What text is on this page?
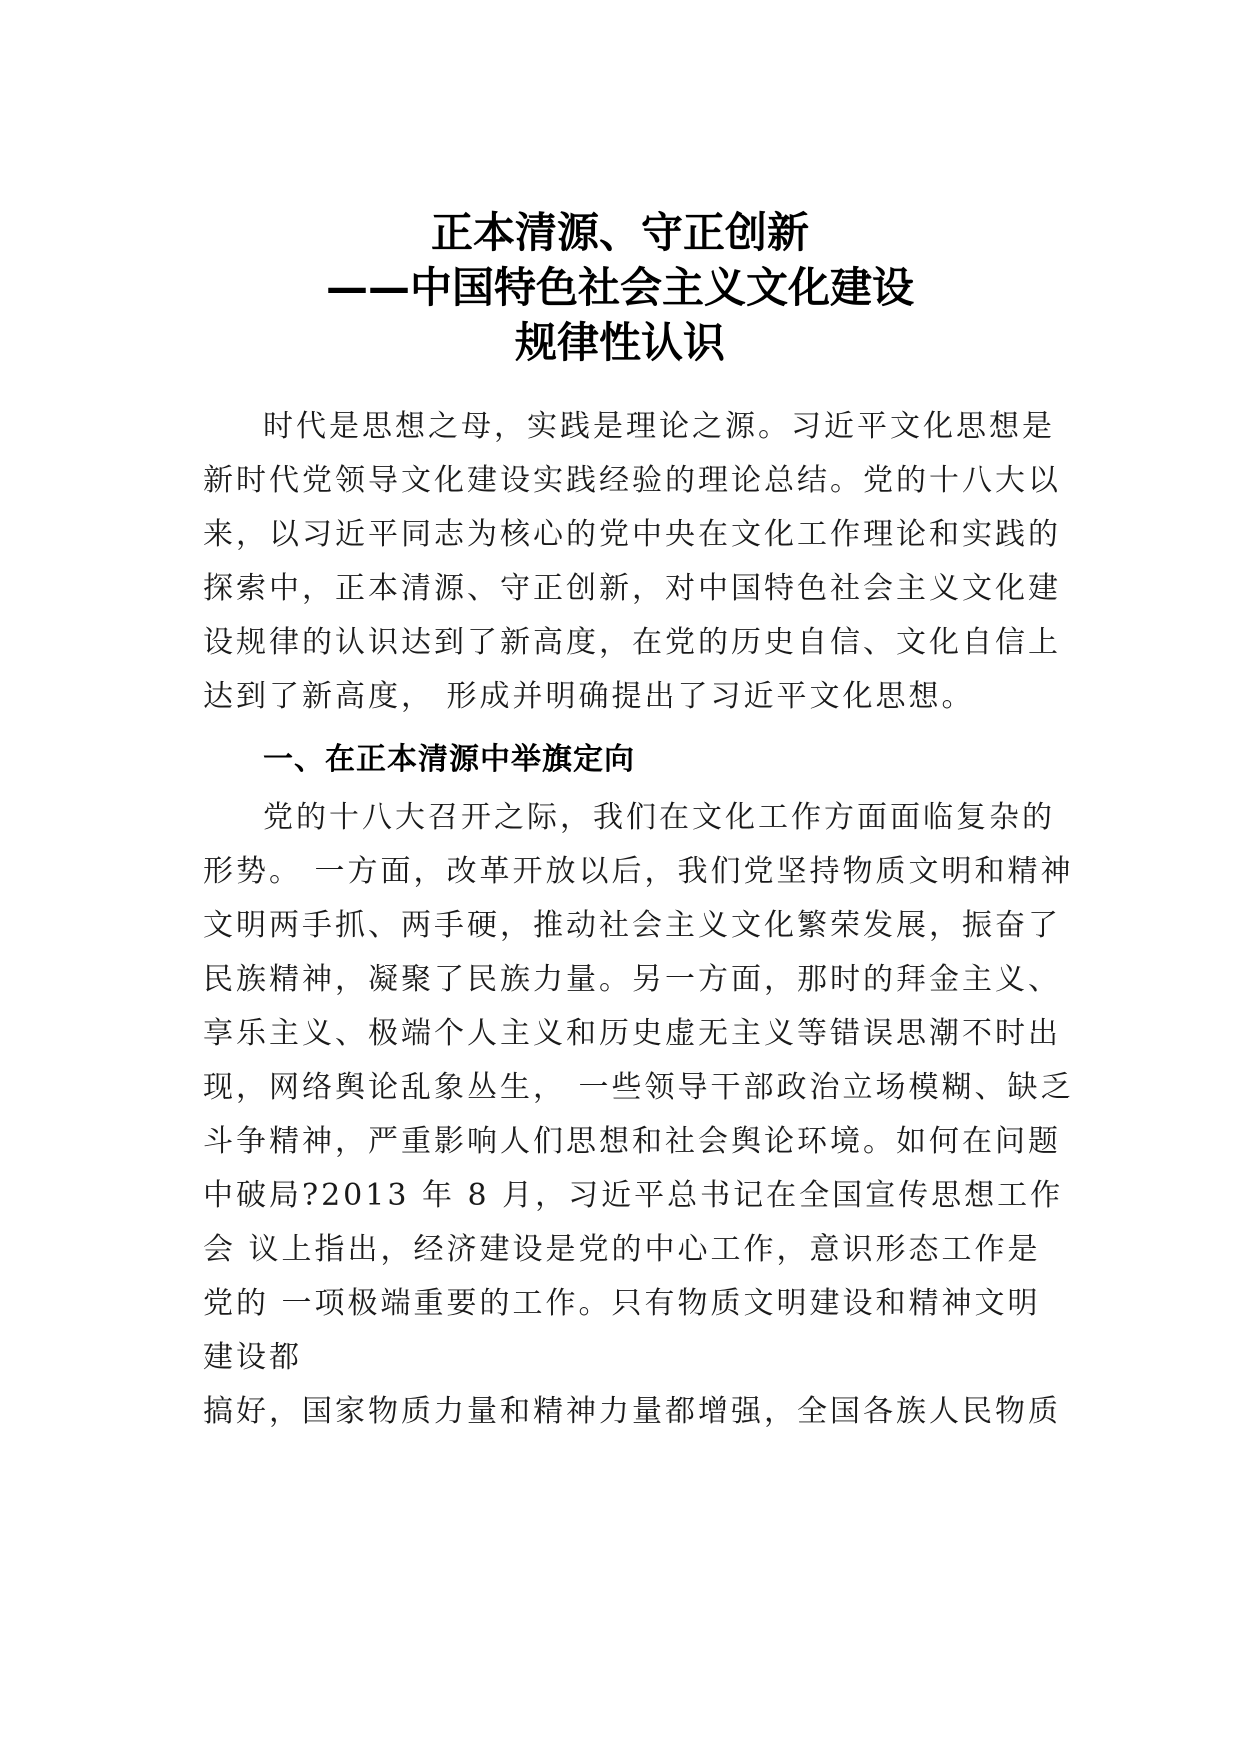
正本清源、守正创新
——中国特色社会主义文化建设
规律性认识
时代是思想之母，实践是理论之源。习近平文化思想是
新时代党领导文化建设实践经验的理论总结。党的十八大以
来，以习近平同志为核心的党中央在文化工作理论和实践的
探索中，正本清源、守正创新，对中国特色社会主义文化建
设规律的认识达到了新高度，在党的历史自信、文化自信上
达到了新高度， 形成并明确提出了习近平文化思想。
一、在正本清源中举旗定向
党的十八大召开之际，我们在文化工作方面面临复杂的
形势。 一方面，改革开放以后，我们党坚持物质文明和精神
文明两手抓、两手硬，推动社会主义文化繁荣发展，振奋了
民族精神，凝聚了民族力量。另一方面，那时的拜金主义、
享乐主义、极端个人主义和历史虚无主义等错误思潮不时出
现，网络舆论乱象丛生， 一些领导干部政治立场模糊、缺乏
斗争精神，严重影响人们思想和社会舆论环境。如何在问题
中破局?2013 年 8 月，习近平总书记在全国宣传思想工作
会 议上指出，经济建设是党的中心工作，意识形态工作是
党的 一项极端重要的工作。只有物质文明建设和精神文明
建设都
搞好，国家物质力量和精神力量都增强，全国各族人民物质
